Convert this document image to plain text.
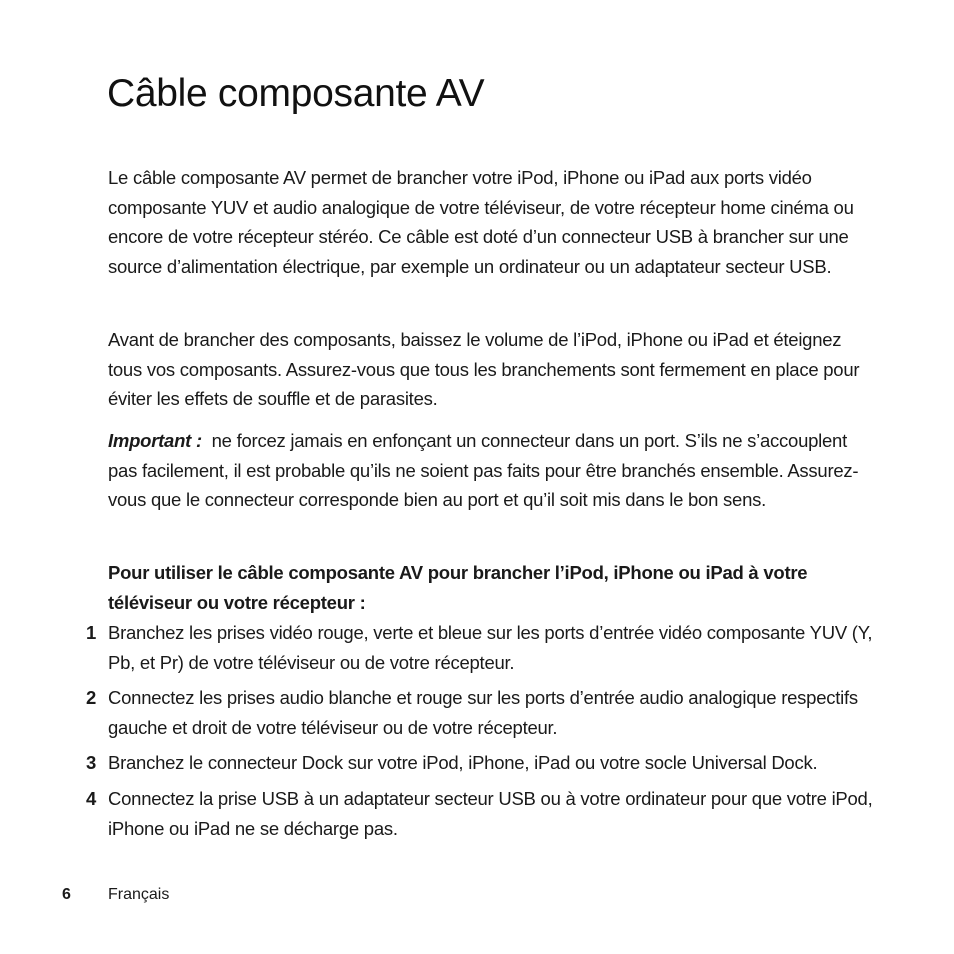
Câble composante AV

Le câble composante AV permet de brancher votre iPod, iPhone ou iPad aux ports vidéo composante YUV et audio analogique de votre téléviseur, de votre récepteur home cinéma ou encore de votre récepteur stéréo. Ce câble est doté d’un connecteur USB à brancher sur une source d’alimentation électrique, par exemple un ordinateur ou un adaptateur secteur USB.

Avant de brancher des composants, baissez le volume de l’iPod, iPhone ou iPad et éteignez tous vos composants. Assurez-vous que tous les branchements sont fermement en place pour éviter les effets de souffle et de parasites.

Important : ne forcez jamais en enfonçant un connecteur dans un port. S’ils ne s’accouplent pas facilement, il est probable qu’ils ne soient pas faits pour être branchés ensemble. Assurez-vous que le connecteur corresponde bien au port et qu’il soit mis dans le bon sens.

Pour utiliser le câble composante AV pour brancher l’iPod, iPhone ou iPad à votre téléviseur ou votre récepteur :

1 Branchez les prises vidéo rouge, verte et bleue sur les ports d’entrée vidéo composante YUV (Y, Pb, et Pr) de votre téléviseur ou de votre récepteur.
2 Connectez les prises audio blanche et rouge sur les ports d’entrée audio analogique respectifs gauche et droit de votre téléviseur ou de votre récepteur.
3 Branchez le connecteur Dock sur votre iPod, iPhone, iPad ou votre socle Universal Dock.
4 Connectez la prise USB à un adaptateur secteur USB ou à votre ordinateur pour que votre iPod, iPhone ou iPad ne se décharge pas.
6 Français
